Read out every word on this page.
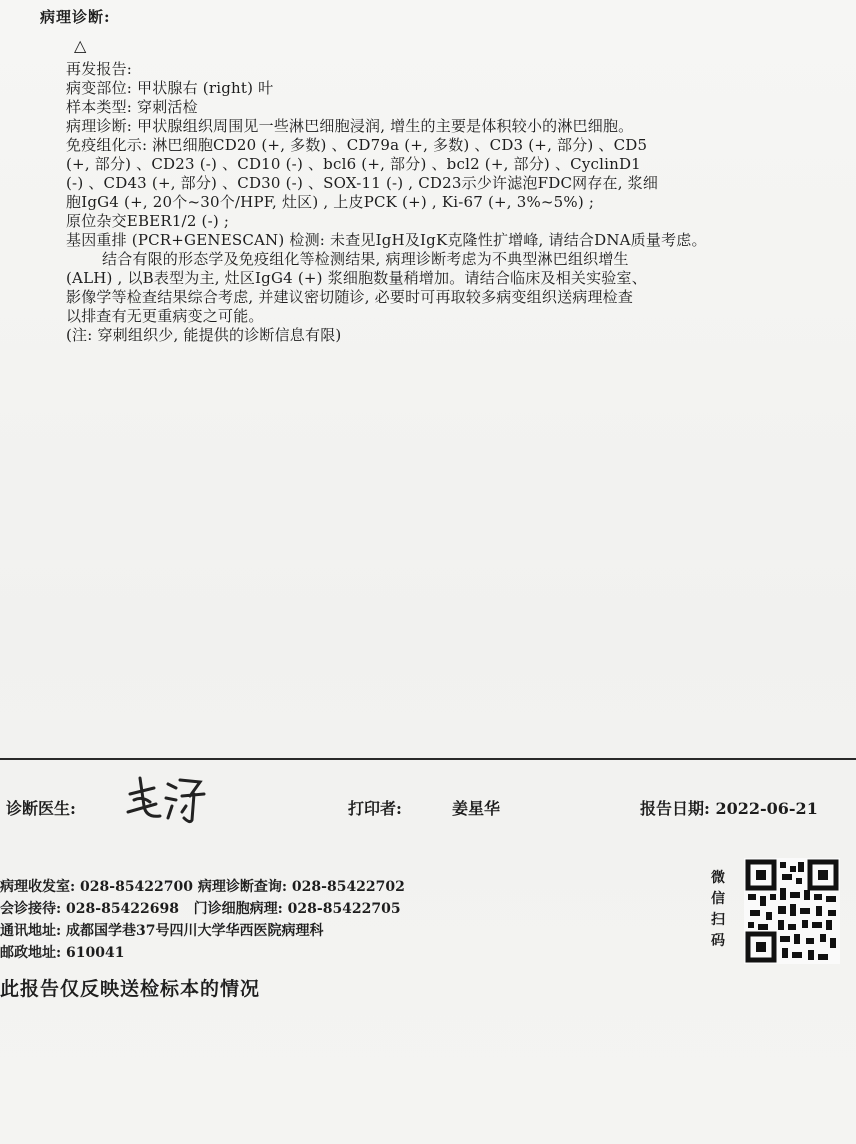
病理诊断:
△
再发报告:
病变部位: 甲状腺右 (right) 叶
样本类型: 穿刺活检
病理诊断: 甲状腺组织周围见一些淋巴细胞浸润, 增生的主要是体积较小的淋巴细胞。
免疫组化示: 淋巴细胞CD20 (+, 多数) 、CD79a (+, 多数) 、CD3 (+, 部分) 、CD5
(+, 部分) 、CD23 (-) 、CD10 (-) 、bcl6 (+, 部分) 、bcl2 (+, 部分) 、CyclinD1
(-) 、CD43 (+, 部分) 、CD30 (-) 、SOX-11 (-) , CD23示少许滤泡FDC网存在, 浆细
胞IgG4 (+, 20个~30个/HPF, 灶区) , 上皮PCK (+) , Ki-67 (+, 3%~5%) ;
原位杂交EBER1/2 (-) ;
基因重排 (PCR+GENESCAN) 检测: 未查见IgH及IgK克隆性扩增峰, 请结合DNA质量考虑。
结合有限的形态学及免疫组化等检测结果, 病理诊断考虑为不典型淋巴组织增生
(ALH) , 以B表型为主, 灶区IgG4 (+) 浆细胞数量稍增加。请结合临床及相关实验室、
影像学等检查结果综合考虑, 并建议密切随诊, 必要时可再取较多病变组织送病理检查
以排查有无更重病变之可能。
(注: 穿刺组织少, 能提供的诊断信息有限)
诊断医生:	打印者:	姜星华	报告日期: 2022-06-21
病理收发室: 028-85422700 病理诊断查询: 028-85422702
会诊接待: 028-85422698   门诊细胞病理: 028-85422705
通讯地址: 成都国学巷37号四川大学华西医院病理科
邮政地址: 610041
此报告仅反映送检标本的情况
微
信
扫
码
